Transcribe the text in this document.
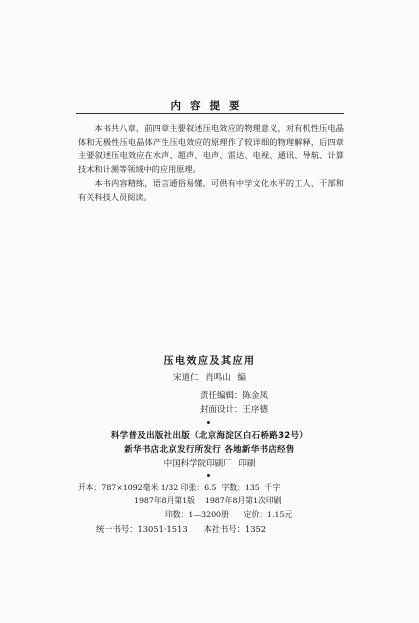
内容提要

本书共八章，前四章主要叙述压电效应的物理意义，对有机性压电晶体和无极性压电晶体产生压电效应的原理作了较详细的物理解释，后四章主要叙述压电效应在水声、超声、电声、雷达、电视、通讯、导航、计算技术和计测等领域中的应用原理。

本书内容精练，语言通俗易懂，可供有中学文化水平的工人、干部和有关科技人员阅读。

压电效应及其应用
宋道仁 肖鸣山 编
责任编辑：陈金凤
封面设计：王序德
科学普及出版社出版（北京海淀区白石桥路32号）
新华书店北京发行所发行 各地新华书店经售
中国科学院印刷厂 印刷
开本：787×1092毫米 1/32 印张：6.5  字数：135  千字
1987年8月第1版    1987年8月第1次印刷
印数：1—3200册      定价：1.15元
统一书号：13051·1513      本社书号：1352
